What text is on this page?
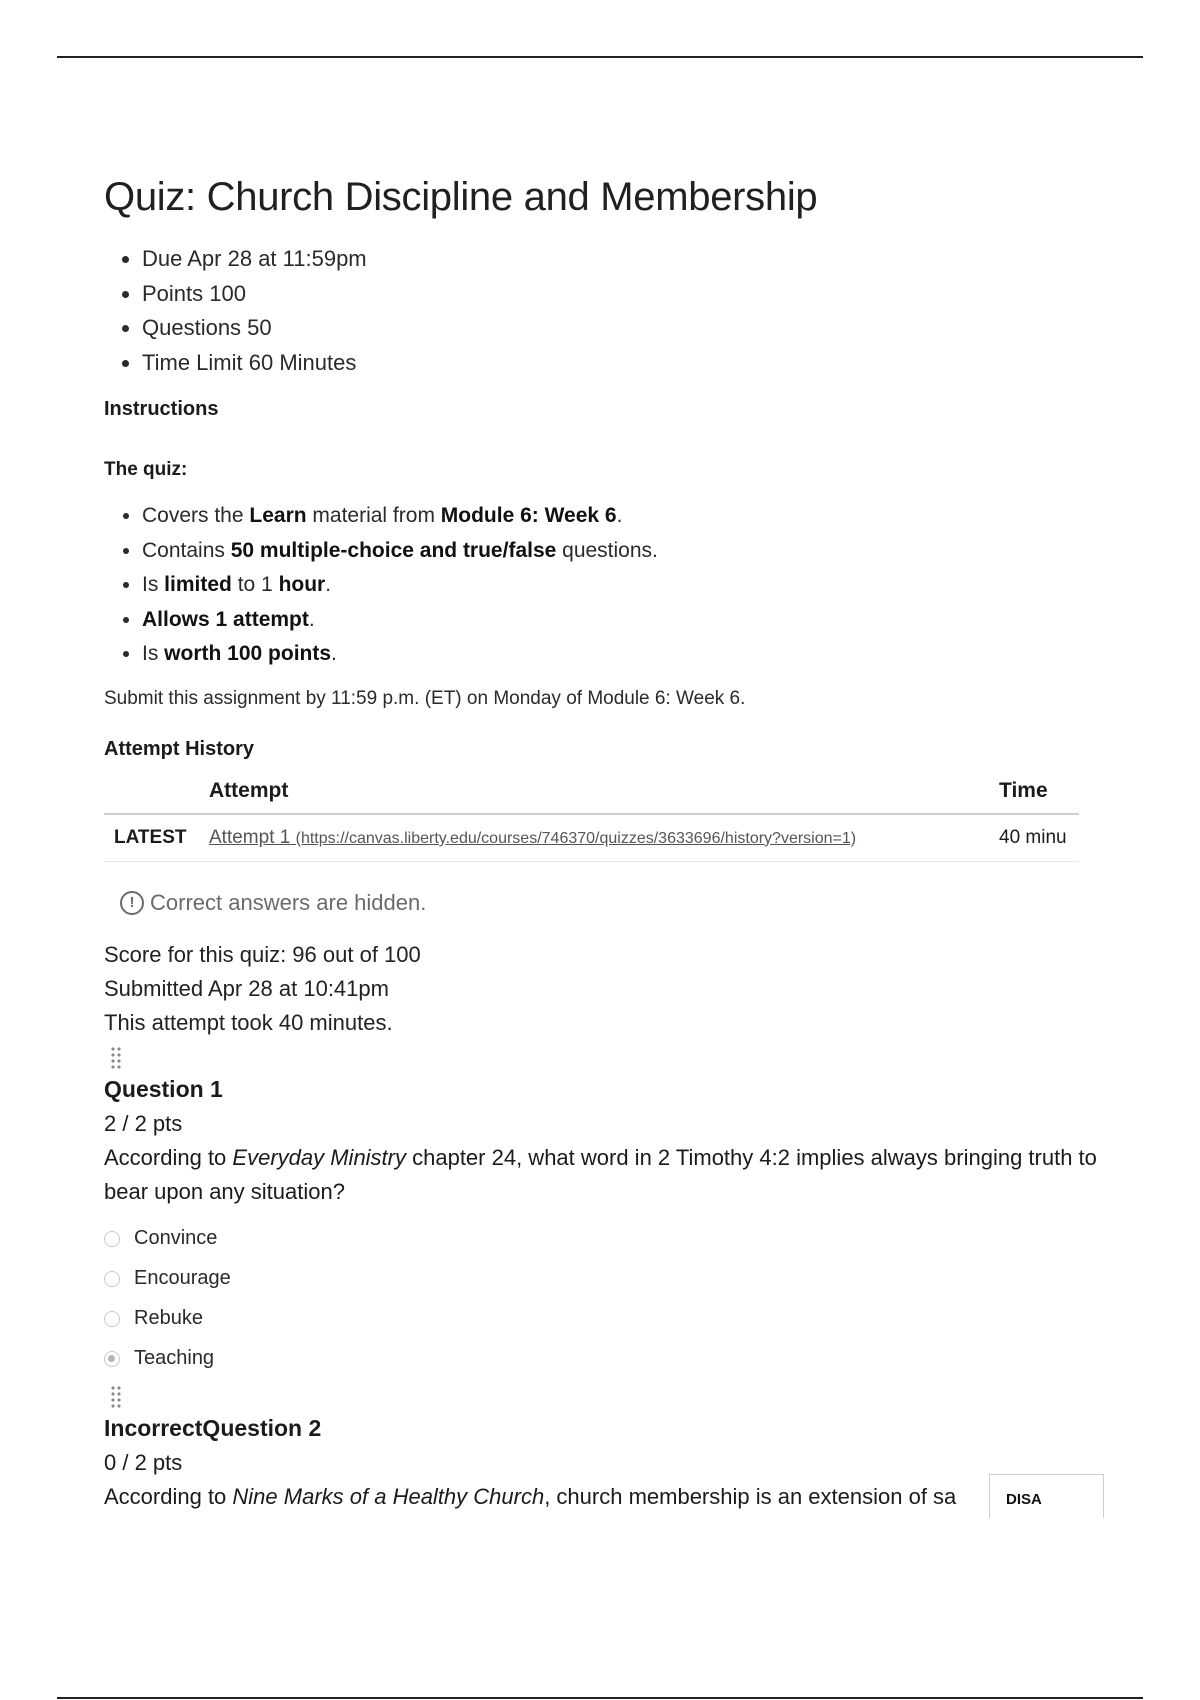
Quiz: Church Discipline and Membership
• Due Apr 28 at 11:59pm
• Points 100
• Questions 50
• Time Limit 60 Minutes

Instructions

The quiz:

• Covers the Learn material from Module 6: Week 6.
• Contains 50 multiple-choice and true/false questions.
• Is limited to 1 hour.
• Allows 1 attempt.
• Is worth 100 points.

Submit this assignment by 11:59 p.m. (ET) on Monday of Module 6: Week 6.

Attempt History

	Attempt	Time
LATEST	Attempt 1 (https://canvas.liberty.edu/courses/746370/quizzes/3633696/history?version=1)	40 minu
! Correct answers are hidden.
Score for this quiz: 96 out of 100
Submitted Apr 28 at 10:41pm
This attempt took 40 minutes.
Question 1
2 / 2 pts
According to Everyday Ministry chapter 24, what word in 2 Timothy 4:2 implies always bringing truth to bear upon any situation?
Convince
Encourage
Rebuke
Teaching
IncorrectQuestion 2
0 / 2 pts
According to Nine Marks of a Healthy Church, church membership is an extension of sa	DISA
